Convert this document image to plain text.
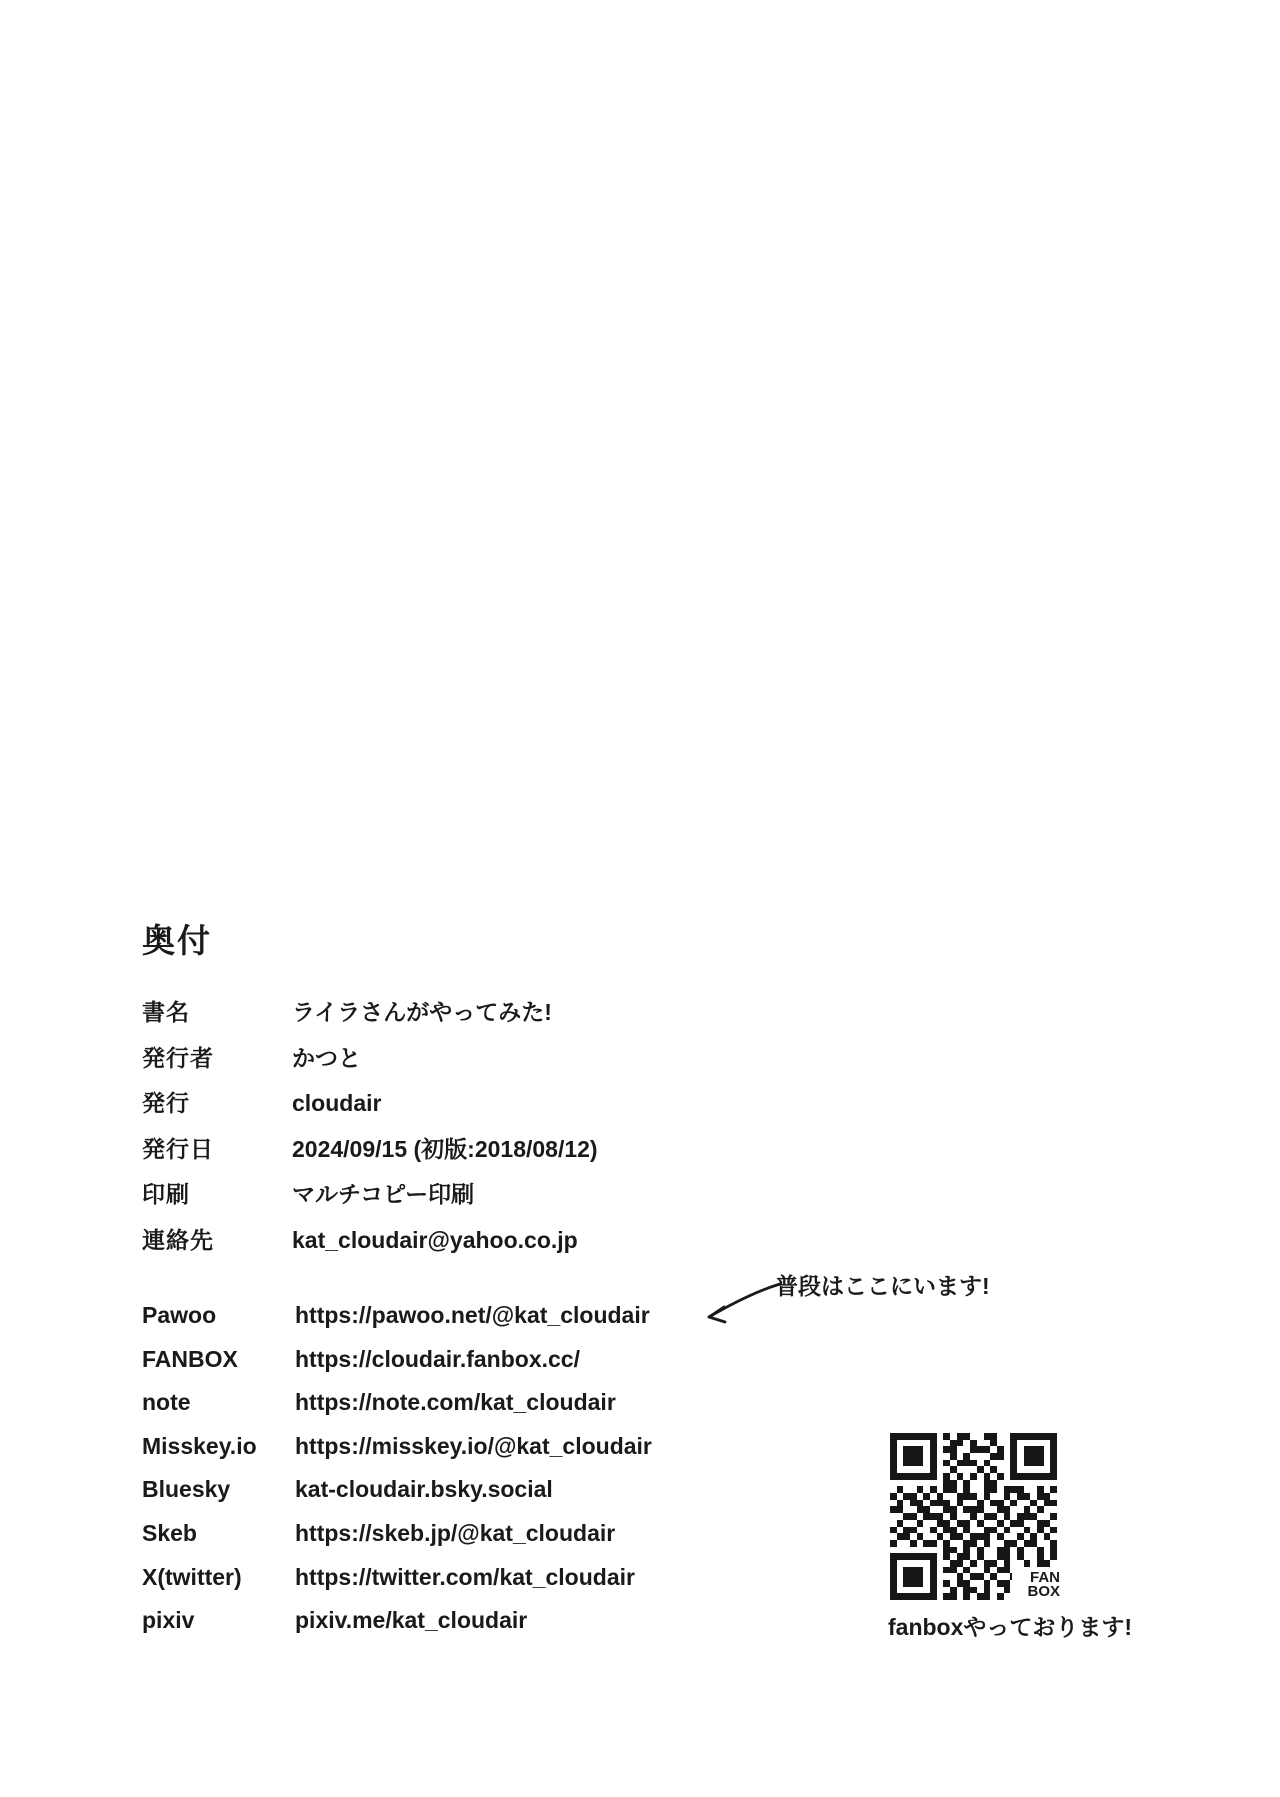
奥付
書名	ライラさんがやってみた!
発行者	かつと
発行	cloudair
発行日	2024/09/15 (初版:2018/08/12)
印刷	マルチコピー印刷
連絡先	kat_cloudair@yahoo.co.jp
普段はここにいます!
Pawoo	https://pawoo.net/@kat_cloudair
FANBOX	https://cloudair.fanbox.cc/
note	https://note.com/kat_cloudair
Misskey.io	https://misskey.io/@kat_cloudair
Bluesky	kat-cloudair.bsky.social
Skeb	https://skeb.jp/@kat_cloudair
X(twitter)	https://twitter.com/kat_cloudair
pixiv	pixiv.me/kat_cloudair
FAN
BOX
fanboxやっております!
